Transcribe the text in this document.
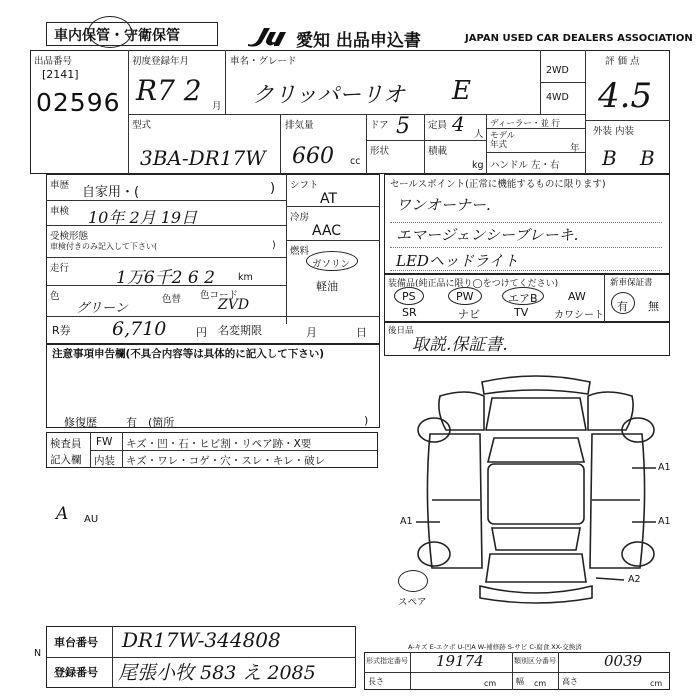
車内保管・守衛保管	愛知 出品申込書	JAPAN USED CAR DEALERS ASSOCIATION
出品番号
[2141]
02596
初度登録年月
R7 2 月
車名・グレード
クリッパーリオ E
2WD
4WD
評価点
4.5
外装 内装
B B
型式
3BA-DR17W
排気量
660 cc
ドア 5
形状
定員 4 人
積載
kg
ディーラー・並 行
モデル 年式	年
ハンドル 左・右
車歴 自家用・(	)
車検 10年 2月 19日
受検形態
車検付きのみ記入して下さい(	)
走行	1万6千2 6 2 km
色
グリーン
色替 色コード
ZVD
R券 6,710	円 名変期限	月	日
シフト
AT
冷房
AAC
燃料
ガソリン
軽油
セールスポイント(正常に機能するものに限ります)
ワンオーナー.
エマージェンシーブレーキ.
LEDヘッドライト
装備品(純正品に限り◯をつけてください)
PS	PW	エアB	AW
SR	ナビ	TV	カワシート
新車保証書
有 無
後日品
取説.保証書.
注意事項申告欄(不具合内容等は具体的に記入して下さい)
修復歴	有 (箇所	)
検査員
記入欄
FW キズ・凹・石・ヒビ割・リペア跡・X要
内装 キズ・ワレ・コゲ・穴・スレ・キレ・破レ
A AU
A1
A1
A1
A2
スペア
車台番号 DR17W-344808
登録番号 尾張小牧 583 え 2085
N
A-キズ E-エクボ U-凹A W-補修跡 S-サビ C-腐食 XX-交換済
形式指定番号 19174	類別区分番号	0039
長さ	cm 幅 cm 高さ	cm
